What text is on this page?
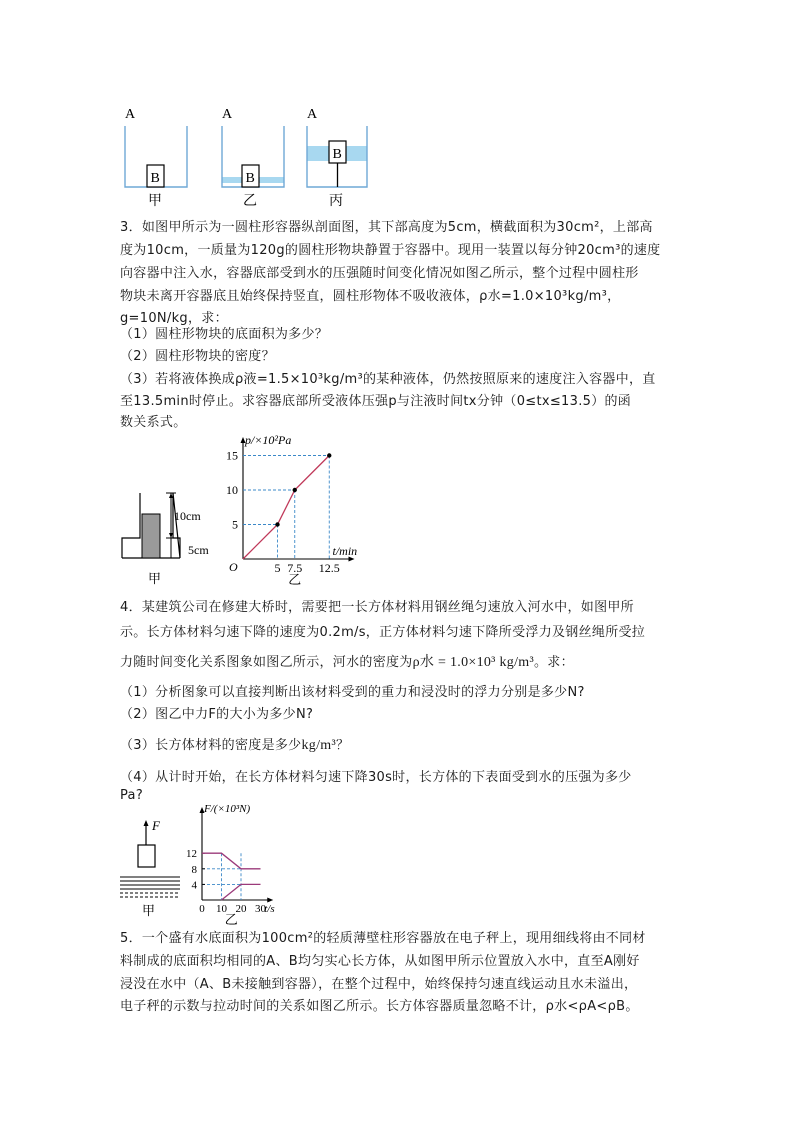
A
B
甲
A
B
乙
A
B
丙
3．如图甲所示为一圆柱形容器纵剖面图，其下部高度为5cm，横截面积为30cm²，上部高
度为10cm，一质量为120g的圆柱形物块静置于容器中。现用一装置以每分钟20cm³的速度
向容器中注入水，容器底部受到水的压强随时间变化情况如图乙所示，整个过程中圆柱形
物块未离开容器底且始终保持竖直，圆柱形物体不吸收液体，ρ水=1.0×10³kg/m³，
g=10N/kg，求：
（1）圆柱形物块的底面积为多少？
（2）圆柱形物块的密度？
（3）若将液体换成ρ液=1.5×10³kg/m³的某种液体，仍然按照原来的速度注入容器中，直
至13.5min时停止。求容器底部所受液体压强p与注液时间tx分钟（0≤tx≤13.5）的函
数关系式。
10cm
5cm
甲
p/×10²Pa
t/min
O
5
10
15
5 7.5 12.5
乙
4．某建筑公司在修建大桥时，需要把一长方体材料用钢丝绳匀速放入河水中，如图甲所
示。长方体材料匀速下降的速度为0.2m/s，正方体材料匀速下降所受浮力及钢丝绳所受拉
力随时间变化关系图象如图乙所示，河水的密度为ρ水 = 1.0×10³ kg/m³。求：
（1）分析图象可以直接判断出该材料受到的重力和浸没时的浮力分别是多少N?
（2）图乙中力F的大小为多少N?
（3）长方体材料的密度是多少kg/m³？
（4）从计时开始，在长方体材料匀速下降30s时，长方体的下表面受到水的压强为多少
Pa?
F
甲
F/(×10³N)
t/s
4
8
12
0 10 20 30
乙
5．一个盛有水底面积为100cm²的轻质薄壁柱形容器放在电子秤上，现用细线将由不同材
料制成的底面积均相同的A、B均匀实心长方体，从如图甲所示位置放入水中，直至A刚好
浸没在水中（A、B未接触到容器），在整个过程中，始终保持匀速直线运动且水未溢出，
电子秤的示数与拉动时间的关系如图乙所示。长方体容器质量忽略不计，ρ水<ρA<ρB。
